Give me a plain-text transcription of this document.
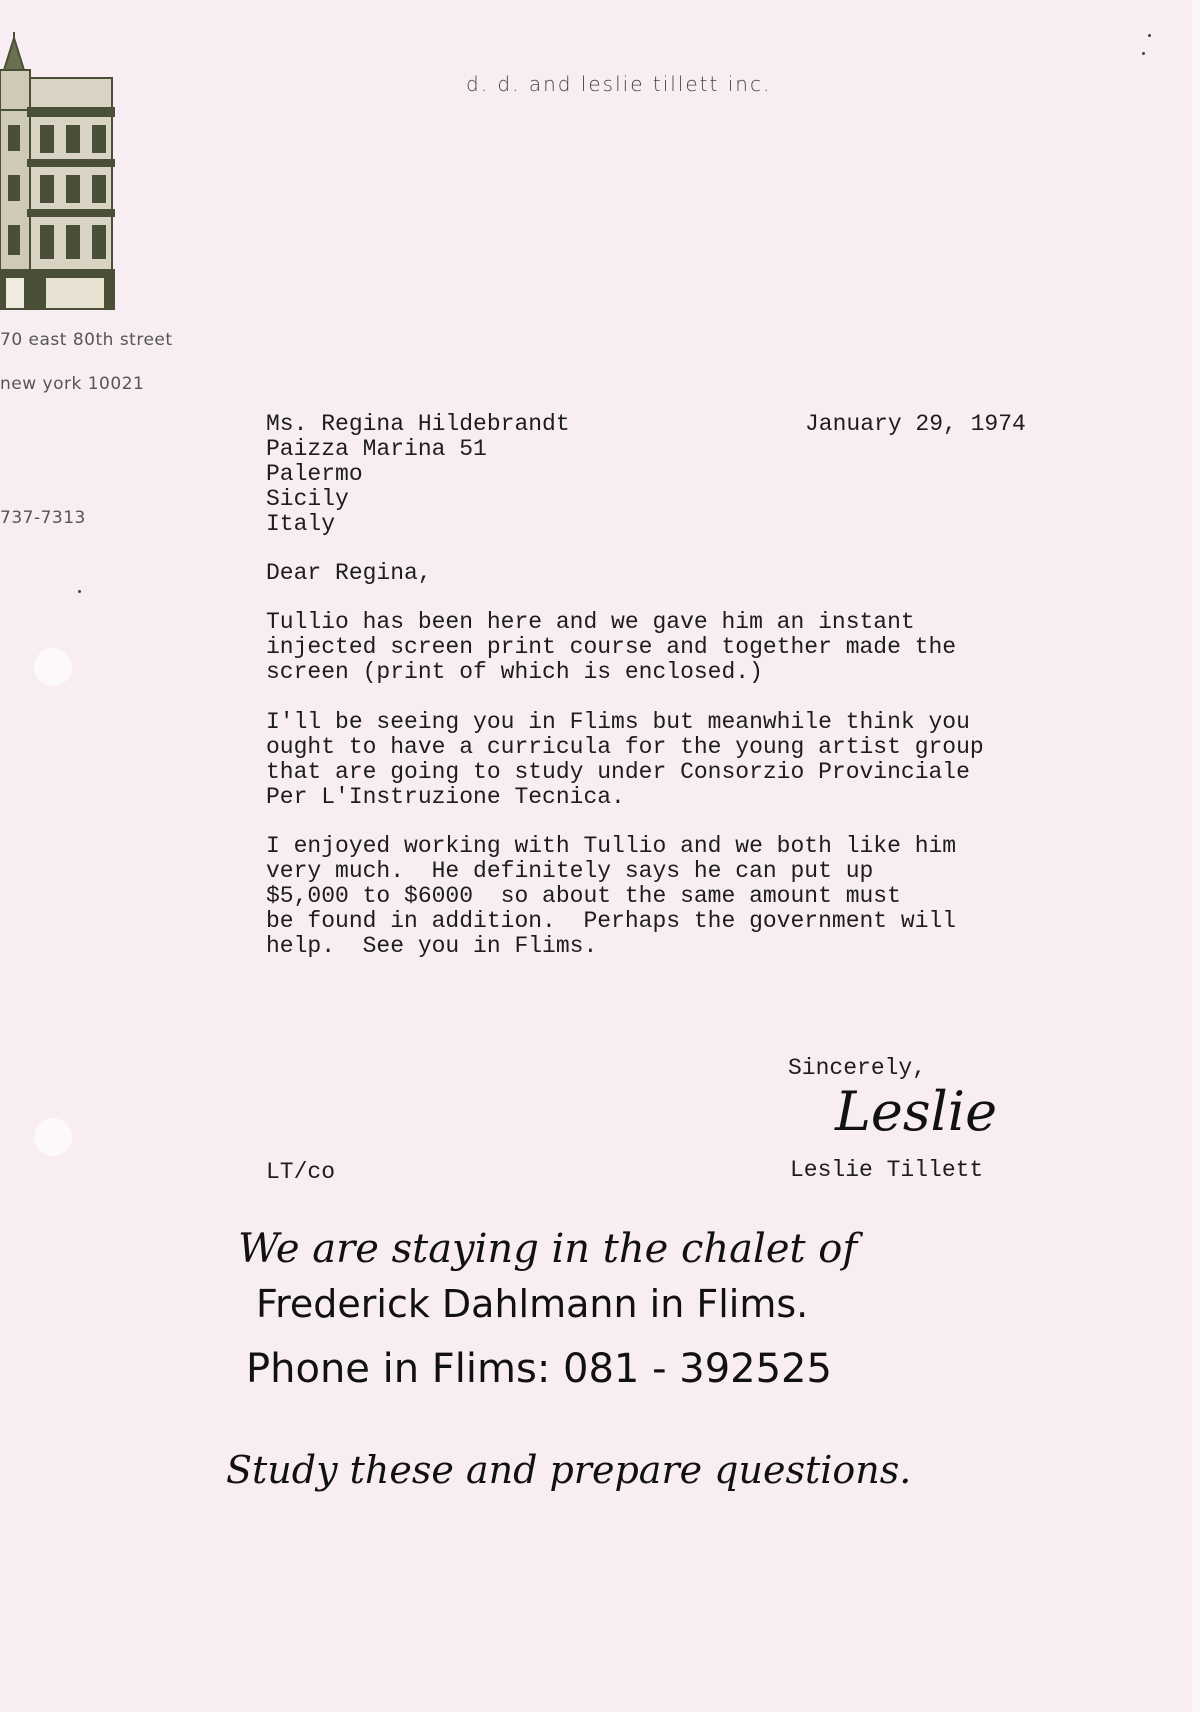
d. d. and leslie tillett inc.
70 east 80th street
new york 10021
737-7313
Ms. Regina Hildebrandt
Paizza Marina 51
Palermo
Sicily
Italy
January 29, 1974
Dear Regina,
Tullio has been here and we gave him an instant
injected screen print course and together made the
screen (print of which is enclosed.)
I'll be seeing you in Flims but meanwhile think you
ought to have a curricula for the young artist group
that are going to study under Consorzio Provinciale
Per L'Instruzione Tecnica.
I enjoyed working with Tullio and we both like him
very much.  He definitely says he can put up
$5,000 to $6000  so about the same amount must
be found in addition.  Perhaps the government will
help.  See you in Flims.
Sincerely,
Leslie
Leslie Tillett
LT/co
We are staying in the chalet of
Frederick Dahlmann in Flims.
Phone in Flims: 081 - 392525
Study these and prepare questions.
